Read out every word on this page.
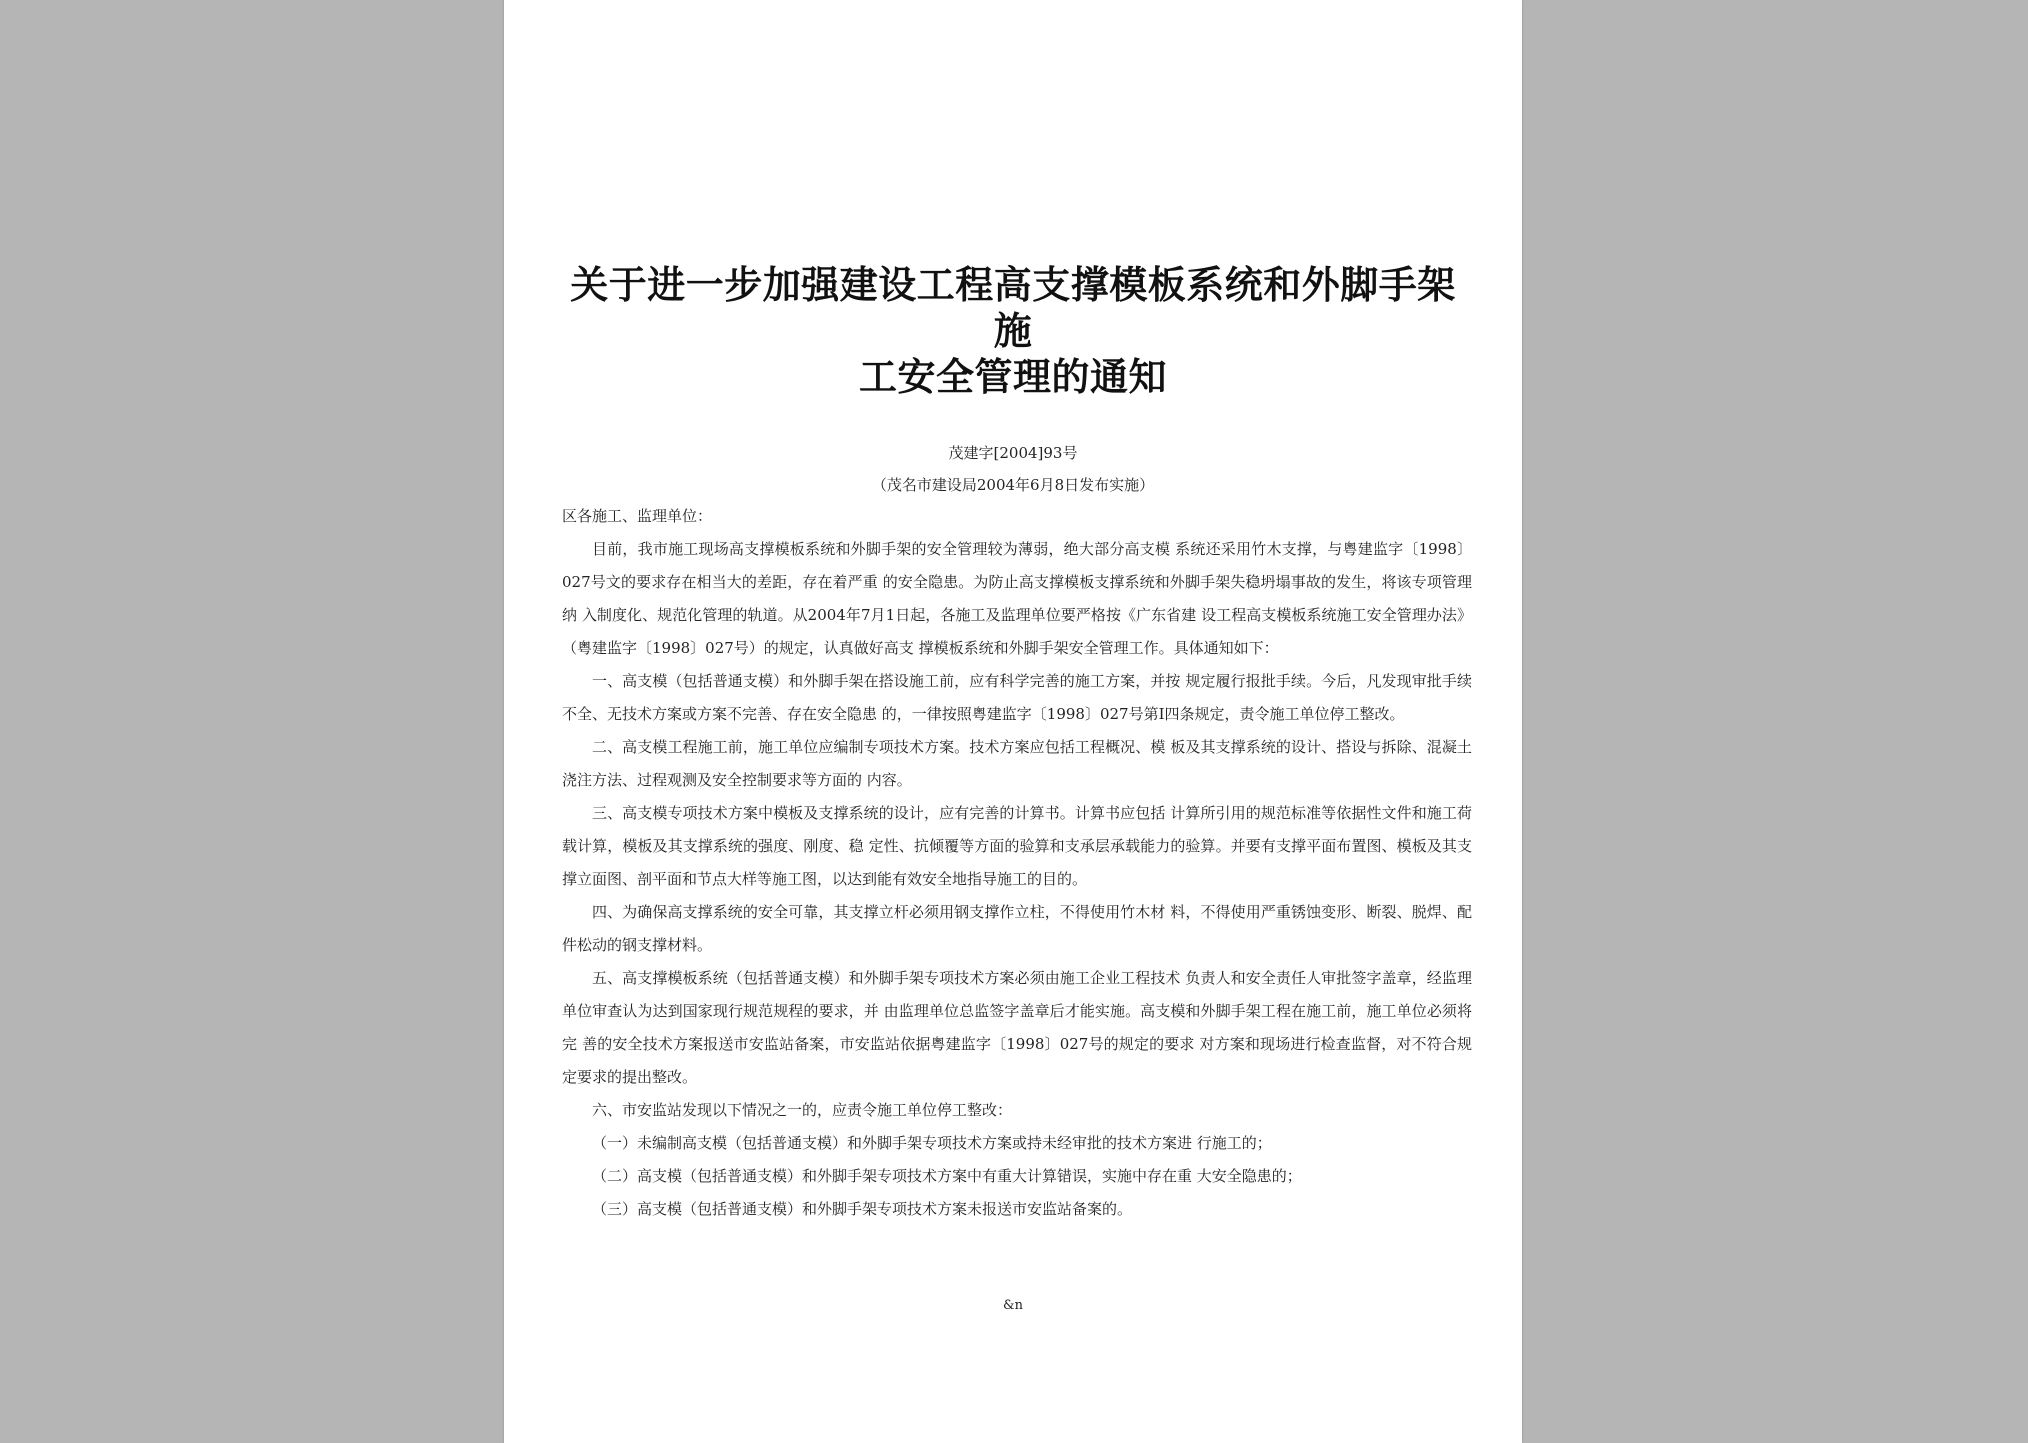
关于进一步加强建设工程高支撑模板系统和外脚手架施
工安全管理的通知
茂建字[2004]93号
（茂名市建设局2004年6月8日发布实施）

区各施工、监理单位：

目前，我市施工现场高支撑模板系统和外脚手架的安全管理较为薄弱，绝大部分高支模 系统还采用竹木支撑，与粤建监字〔1998〕027号文的要求存在相当大的差距，存在着严重 的安全隐患。为防止高支撑模板支撑系统和外脚手架失稳坍塌事故的发生，将该专项管理纳 入制度化、规范化管理的轨道。从2004年7月1日起，各施工及监理单位要严格按《广东省建 设工程高支模板系统施工安全管理办法》（粤建监字〔1998〕027号）的规定，认真做好高支 撑模板系统和外脚手架安全管理工作。具体通知如下：

一、高支模（包括普通支模）和外脚手架在搭设施工前，应有科学完善的施工方案，并按 规定履行报批手续。今后，凡发现审批手续不全、无技术方案或方案不完善、存在安全隐患 的，一律按照粤建监字〔1998〕027号第Ⅰ四条规定，责令施工单位停工整改。

二、高支模工程施工前，施工单位应编制专项技术方案。技术方案应包括工程概况、模 板及其支撑系统的设计、搭设与拆除、混凝土浇注方法、过程观测及安全控制要求等方面的 内容。

三、高支模专项技术方案中模板及支撑系统的设计，应有完善的计算书。计算书应包括 计算所引用的规范标准等依据性文件和施工荷载计算，模板及其支撑系统的强度、刚度、稳 定性、抗倾覆等方面的验算和支承层承载能力的验算。并要有支撑平面布置图、模板及其支 撑立面图、剖平面和节点大样等施工图，以达到能有效安全地指导施工的目的。

四、为确保高支撑系统的安全可靠，其支撑立杆必须用钢支撑作立柱，不得使用竹木材 料，不得使用严重锈蚀变形、断裂、脱焊、配件松动的钢支撑材料。

五、高支撑模板系统（包括普通支模）和外脚手架专项技术方案必须由施工企业工程技术 负责人和安全责任人审批签字盖章，经监理单位审查认为达到国家现行规范规程的要求，并 由监理单位总监签字盖章后才能实施。高支模和外脚手架工程在施工前，施工单位必须将完 善的安全技术方案报送市安监站备案，市安监站依据粤建监字〔1998〕027号的规定的要求 对方案和现场进行检查监督，对不符合规定要求的提出整改。

六、市安监站发现以下情况之一的，应责令施工单位停工整改：

（一）未编制高支模（包括普通支模）和外脚手架专项技术方案或持未经审批的技术方案进 行施工的；

（二）高支模（包括普通支模）和外脚手架专项技术方案中有重大计算错误，实施中存在重 大安全隐患的；

（三）高支模（包括普通支模）和外脚手架专项技术方案未报送市安监站备案的。

&n
